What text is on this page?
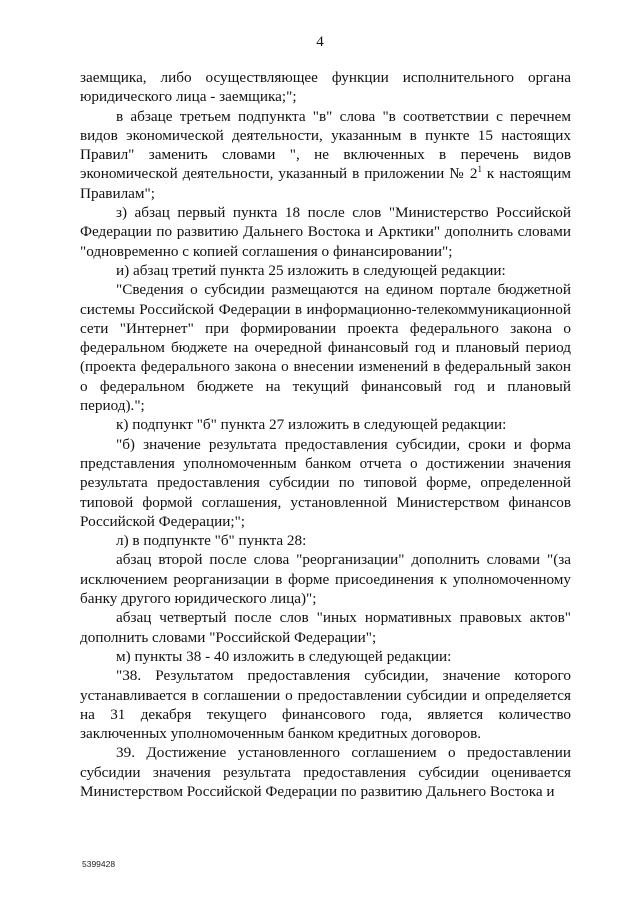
4

заемщика, либо осуществляющее функции исполнительного органа юридического лица - заемщика;";

в абзаце третьем подпункта "в" слова "в соответствии с перечнем видов экономической деятельности, указанным в пункте 15 настоящих Правил" заменить словами ", не включенных в перечень видов экономической деятельности, указанный в приложении № $2^1$ к настоящим Правилам";

з) абзац первый пункта 18 после слов "Министерство Российской Федерации по развитию Дальнего Востока и Арктики" дополнить словами "одновременно с копией соглашения о финансировании";

и) абзац третий пункта 25 изложить в следующей редакции:

"Сведения о субсидии размещаются на едином портале бюджетной системы Российской Федерации в информационно-телекоммуникационной сети "Интернет" при формировании проекта федерального закона о федеральном бюджете на очередной финансовый год и плановый период (проекта федерального закона о внесении изменений в федеральный закон о федеральном бюджете на текущий финансовый год и плановый период).";

к) подпункт "б" пункта 27 изложить в следующей редакции:

"б) значение результата предоставления субсидии, сроки и форма представления уполномоченным банком отчета о достижении значения результата предоставления субсидии по типовой форме, определенной типовой формой соглашения, установленной Министерством финансов Российской Федерации;";

л) в подпункте "б" пункта 28:

абзац второй после слова "реорганизации" дополнить словами "(за исключением реорганизации в форме присоединения к уполномоченному банку другого юридического лица)";

абзац четвертый после слов "иных нормативных правовых актов" дополнить словами "Российской Федерации";

м) пункты 38 - 40 изложить в следующей редакции:

"38. Результатом предоставления субсидии, значение которого устанавливается в соглашении о предоставлении субсидии и определяется на 31 декабря текущего финансового года, является количество заключенных уполномоченным банком кредитных договоров.

39. Достижение установленного соглашением о предоставлении субсидии значения результата предоставления субсидии оценивается Министерством Российской Федерации по развитию Дальнего Востока и

5399428
